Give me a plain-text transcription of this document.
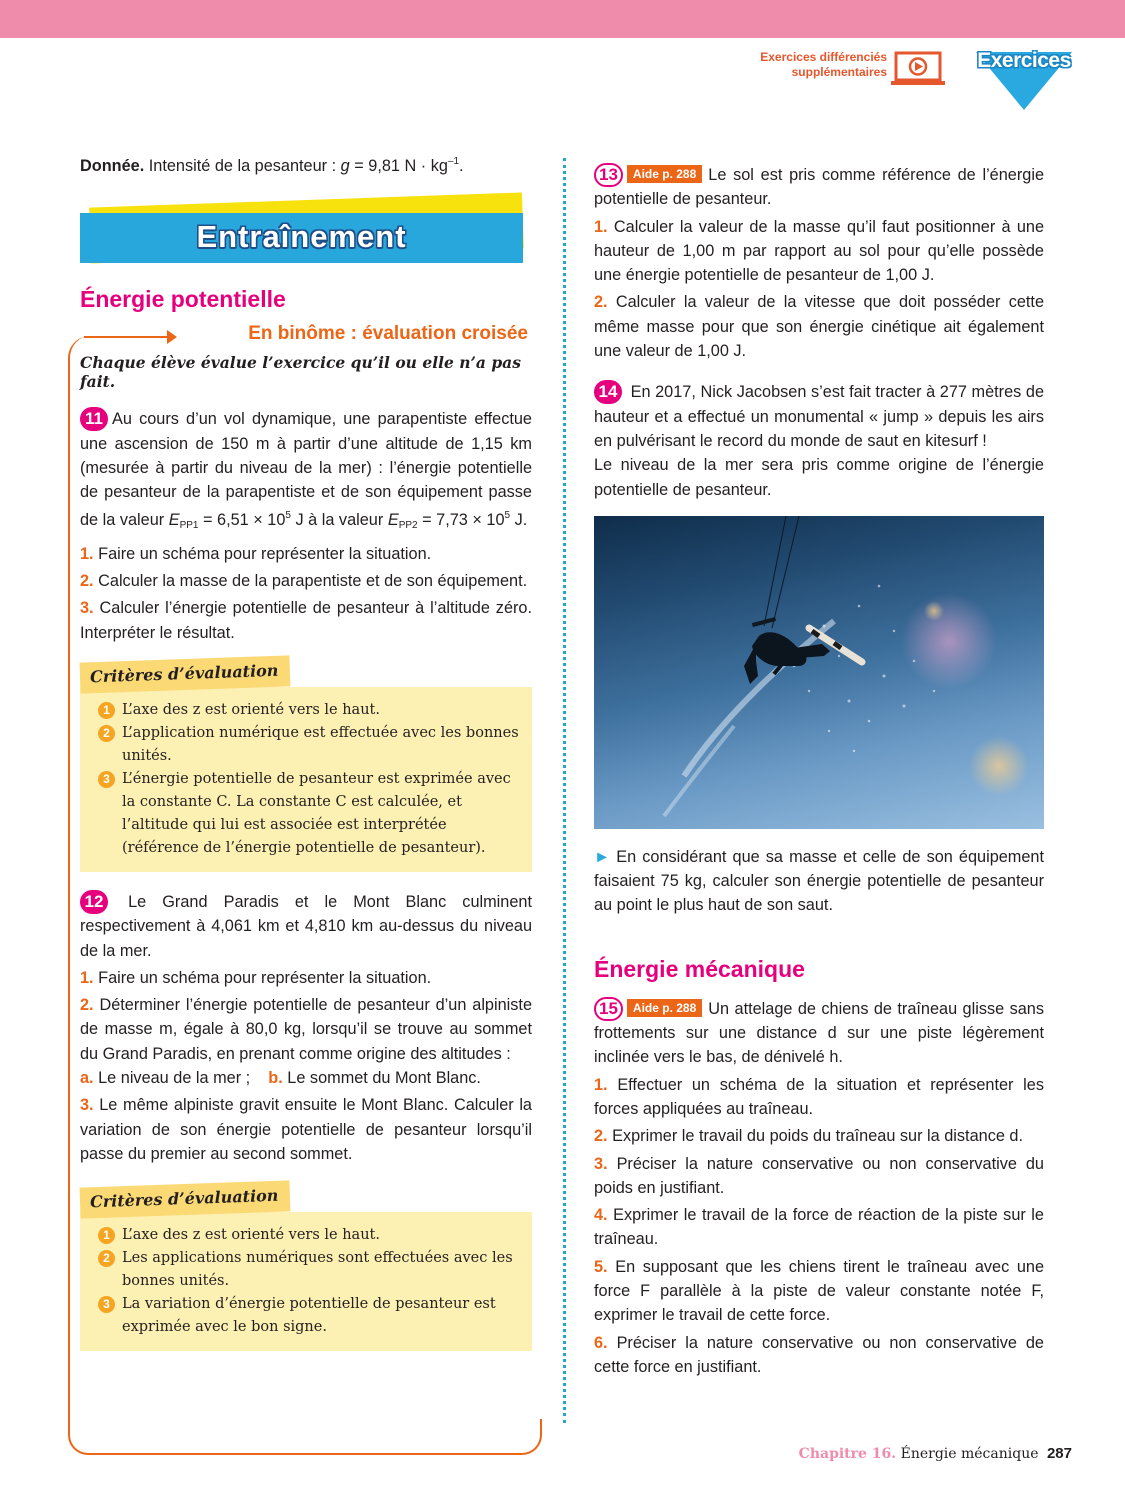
Exercices différenciés
supplémentaires	Exercices
Donnée. Intensité de la pesanteur : g = 9,81 $N \cdot kg^{-1}$.
Entraînement
Énergie potentielle
En binôme : évaluation croisée
Chaque élève évalue l’exercice qu’il ou elle n’a pas fait.
11 Au cours d’un vol dynamique, une parapentiste effectue une ascension de 150 m à partir d’une altitude de 1,15 km (mesurée à partir du niveau de la mer) : l’énergie potentielle de pesanteur de la parapentiste et de son équipement passe de la valeur $E_{PP1} = 6,51 \times 10^5$ J à la valeur $E_{PP2} = 7,73 \times 10^5$ J.
1. Faire un schéma pour représenter la situation.
2. Calculer la masse de la parapentiste et de son équipement.
3. Calculer l’énergie potentielle de pesanteur à l’altitude zéro. Interpréter le résultat.
Critères d’évaluation
1 L’axe des z est orienté vers le haut.
2 L’application numérique est effectuée avec les bonnes unités.
3 L’énergie potentielle de pesanteur est exprimée avec la constante C. La constante C est calculée, et l’altitude qui lui est associée est interprétée (référence de l’énergie potentielle de pesanteur).
12 Le Grand Paradis et le Mont Blanc culminent respectivement à 4,061 km et 4,810 km au-dessus du niveau de la mer.
1. Faire un schéma pour représenter la situation.
2. Déterminer l’énergie potentielle de pesanteur d’un alpiniste de masse m, égale à 80,0 kg, lorsqu’il se trouve au sommet du Grand Paradis, en prenant comme origine des altitudes :
a. Le niveau de la mer ; b. Le sommet du Mont Blanc.
3. Le même alpiniste gravit ensuite le Mont Blanc. Calculer la variation de son énergie potentielle de pesanteur lorsqu’il passe du premier au second sommet.
Critères d’évaluation
1 L’axe des z est orienté vers le haut.
2 Les applications numériques sont effectuées avec les bonnes unités.
3 La variation d’énergie potentielle de pesanteur est exprimée avec le bon signe.
13 Aide p. 288 Le sol est pris comme référence de l’énergie potentielle de pesanteur.
1. Calculer la valeur de la masse qu’il faut positionner à une hauteur de 1,00 m par rapport au sol pour qu’elle possède une énergie potentielle de pesanteur de 1,00 J.
2. Calculer la valeur de la vitesse que doit posséder cette même masse pour que son énergie cinétique ait également une valeur de 1,00 J.
14 En 2017, Nick Jacobsen s’est fait tracter à 277 mètres de hauteur et a effectué un monumental « jump » depuis les airs en pulvérisant le record du monde de saut en kitesurf !
Le niveau de la mer sera pris comme origine de l’énergie potentielle de pesanteur.
► En considérant que sa masse et celle de son équipement faisaient 75 kg, calculer son énergie potentielle de pesanteur au point le plus haut de son saut.
Énergie mécanique
15 Aide p. 288 Un attelage de chiens de traîneau glisse sans frottements sur une distance d sur une piste légèrement inclinée vers le bas, de dénivelé h.
1. Effectuer un schéma de la situation et représenter les forces appliquées au traîneau.
2. Exprimer le travail du poids du traîneau sur la distance d.
3. Préciser la nature conservative ou non conservative du poids en justifiant.
4. Exprimer le travail de la force de réaction de la piste sur le traîneau.
5. En supposant que les chiens tirent le traîneau avec une force F parallèle à la piste de valeur constante notée F, exprimer le travail de cette force.
6. Préciser la nature conservative ou non conservative de cette force en justifiant.
Chapitre 16. Énergie mécanique 287
